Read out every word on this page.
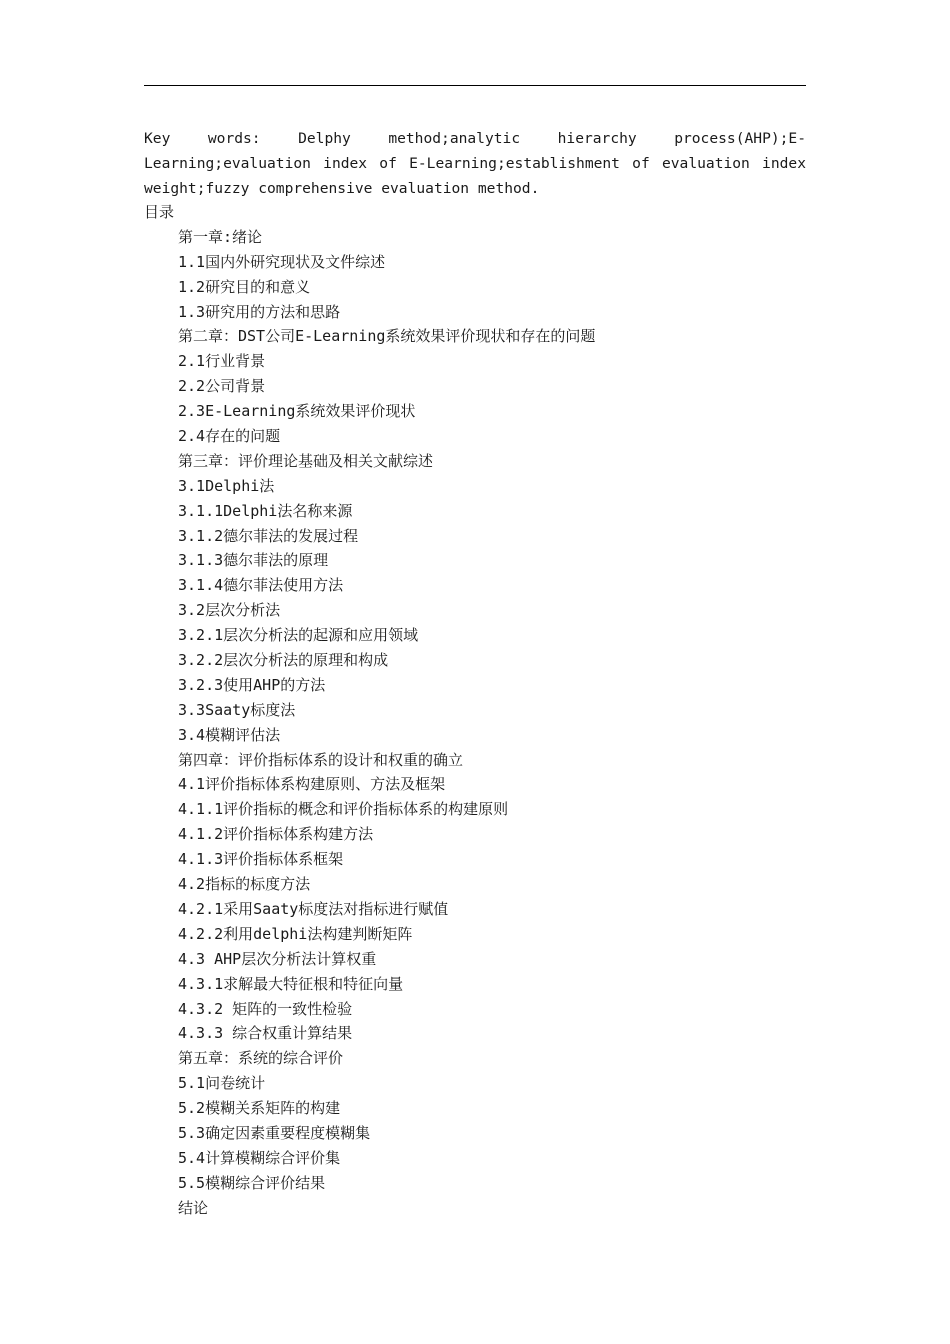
Key words: Delphy method;analytic hierarchy process(AHP);E-Learning;evaluation index of E-Learning;establishment of evaluation index weight;fuzzy comprehensive evaluation method.

目录
第一章:绪论
1.1国内外研究现状及文件综述
1.2研究目的和意义
1.3研究用的方法和思路
第二章：DST公司E-Learning系统效果评价现状和存在的问题
2.1行业背景
2.2公司背景
2.3E-Learning系统效果评价现状
2.4存在的问题
第三章：评价理论基础及相关文献综述
3.1Delphi法
3.1.1Delphi法名称来源
3.1.2德尔菲法的发展过程
3.1.3德尔菲法的原理
3.1.4德尔菲法使用方法
3.2层次分析法
3.2.1层次分析法的起源和应用领域
3.2.2层次分析法的原理和构成
3.2.3使用AHP的方法
3.3Saaty标度法
3.4模糊评估法
第四章：评价指标体系的设计和权重的确立
4.1评价指标体系构建原则、方法及框架
4.1.1评价指标的概念和评价指标体系的构建原则
4.1.2评价指标体系构建方法
4.1.3评价指标体系框架
4.2指标的标度方法
4.2.1采用Saaty标度法对指标进行赋值
4.2.2利用delphi法构建判断矩阵
4.3 AHP层次分析法计算权重
4.3.1求解最大特征根和特征向量
4.3.2 矩阵的一致性检验
4.3.3 综合权重计算结果
第五章：系统的综合评价
5.1问卷统计
5.2模糊关系矩阵的构建
5.3确定因素重要程度模糊集
5.4计算模糊综合评价集
5.5模糊综合评价结果
结论
